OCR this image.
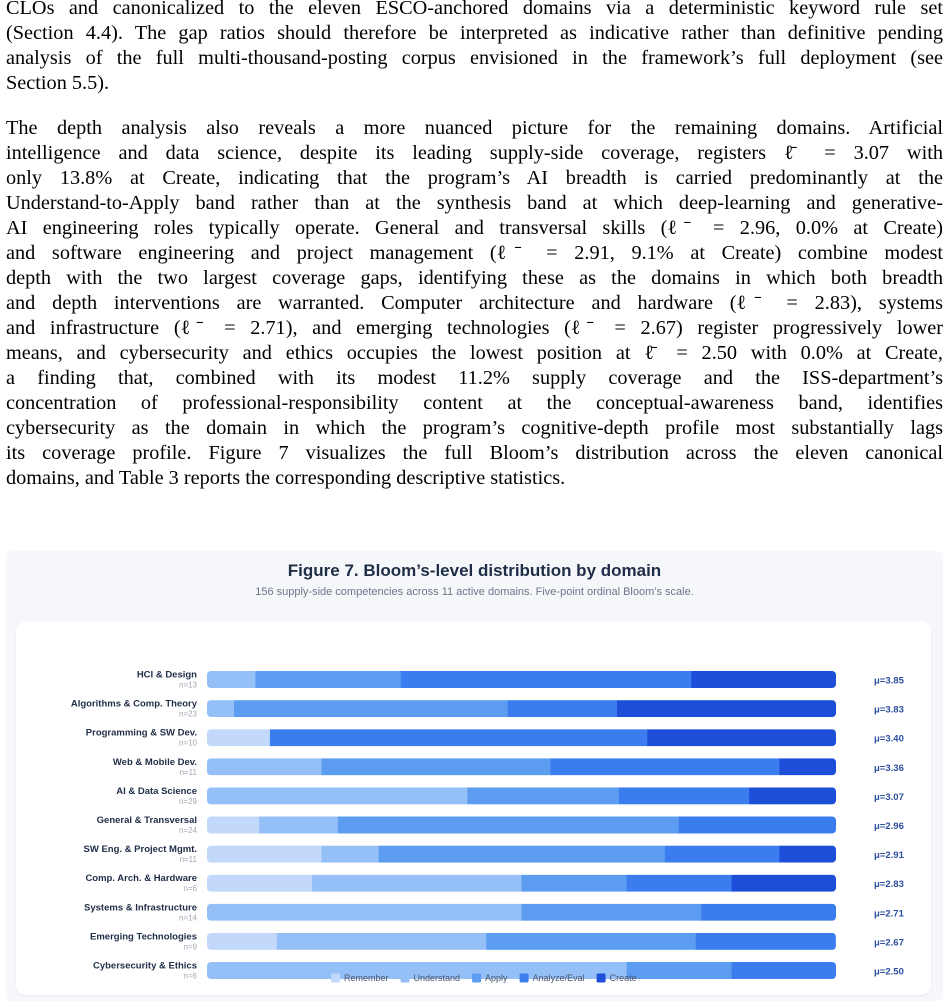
CLOs and canonicalized to the eleven ESCO-anchored domains via a deterministic keyword rule set
(Section 4.4). The gap ratios should therefore be interpreted as indicative rather than definitive pending
analysis of the full multi-thousand-posting corpus envisioned in the framework’s full deployment (see
Section 5.5).
The depth analysis also reveals a more nuanced picture for the remaining domains. Artificial
intelligence and data science, despite its leading supply-side coverage, registers ℓ̄ = 3.07 with
only 13.8% at Create, indicating that the program’s AI breadth is carried predominantly at the
Understand-to-Apply band rather than at the synthesis band at which deep-learning and generative-
AI engineering roles typically operate. General and transversal skills (ℓ̄ = 2.96, 0.0% at Create)
and software engineering and project management (ℓ̄ = 2.91, 9.1% at Create) combine modest
depth with the two largest coverage gaps, identifying these as the domains in which both breadth
and depth interventions are warranted. Computer architecture and hardware (ℓ̄ = 2.83), systems
and infrastructure (ℓ̄ = 2.71), and emerging technologies (ℓ̄ = 2.67) register progressively lower
means, and cybersecurity and ethics occupies the lowest position at ℓ̄ = 2.50 with 0.0% at Create,
a finding that, combined with its modest 11.2% supply coverage and the ISS-department’s
concentration of professional-responsibility content at the conceptual-awareness band, identifies
cybersecurity as the domain in which the program’s cognitive-depth profile most substantially lags
its coverage profile. Figure 7 visualizes the full Bloom’s distribution across the eleven canonical
domains, and Table 3 reports the corresponding descriptive statistics.
Figure 7. Bloom’s-level distribution by domain
156 supply-side competencies across 11 active domains. Five-point ordinal Bloom’s scale.
HCI & Design
n=13	μ=3.85
Algorithms & Comp. Theory
n=23	μ=3.83
Programming & SW Dev.
n=10	μ=3.40
Web & Mobile Dev.
n=11	μ=3.36
AI & Data Science
n=29	μ=3.07
General & Transversal
n=24	μ=2.96
SW Eng. & Project Mgmt.
n=11	μ=2.91
Comp. Arch. & Hardware
n=6	μ=2.83
Systems & Infrastructure
n=14	μ=2.71
Emerging Technologies
n=9	μ=2.67
Cybersecurity & Ethics
n=6	μ=2.50
Remember	Understand	Apply	Analyze/Eval	Create
